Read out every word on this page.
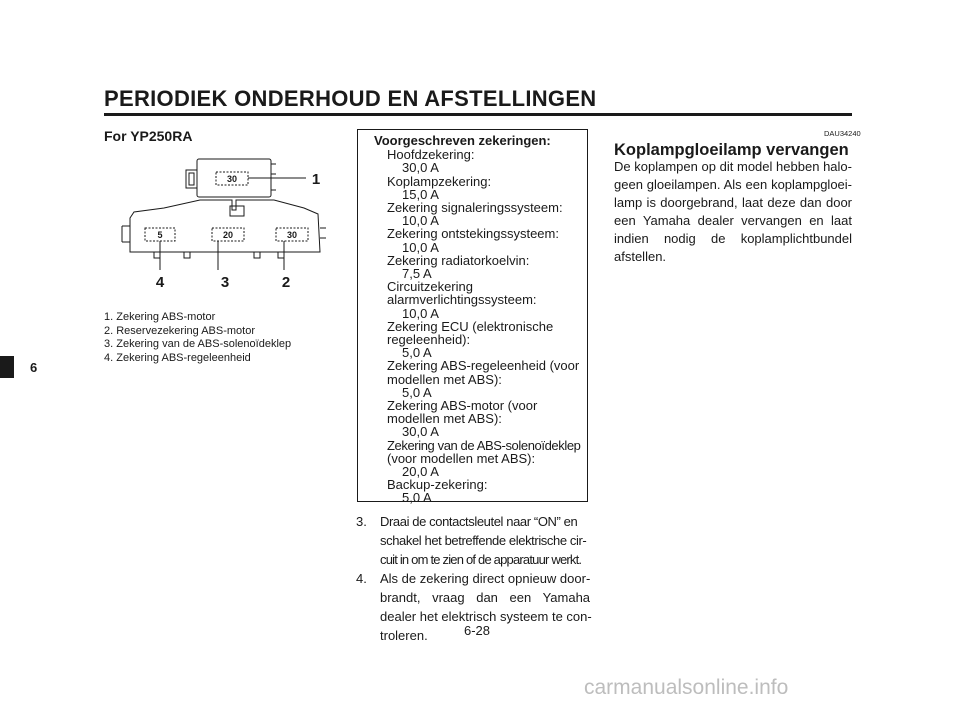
PERIODIEK ONDERHOUD EN AFSTELLINGEN
6
For YP250RA
30
5	20	30
1
4	3	2
1. Zekering ABS-motor
2. Reservezekering ABS-motor
3. Zekering van de ABS-solenoïdeklep
4. Zekering ABS-regeleenheid
Voorgeschreven zekeringen:
Hoofdzekering:
30,0 A
Koplampzekering:
15,0 A
Zekering signaleringssysteem:
10,0 A
Zekering ontstekingssysteem:
10,0 A
Zekering radiatorkoelvin:
7,5 A
Circuitzekering
alarmverlichtingssysteem:
10,0 A
Zekering ECU (elektronische
regeleenheid):
5,0 A
Zekering ABS-regeleenheid (voor
modellen met ABS):
5,0 A
Zekering ABS-motor (voor
modellen met ABS):
30,0 A
Zekering van de ABS-solenoïdeklep
(voor modellen met ABS):
20,0 A
Backup-zekering:
5,0 A
3.	Draai de contactsleutel naar “ON” en
schakel het betreffende elektrische cir-
cuit in om te zien of de apparatuur werkt.
4.	Als de zekering direct opnieuw door-
brandt, vraag dan een Yamaha
dealer het elektrisch systeem te con-
troleren.	6-28
DAU34240
Koplampgloeilamp vervangen
De koplampen op dit model hebben halo-geen gloeilampen. Als een koplampgloei-lamp is doorgebrand, laat deze dan door een Yamaha dealer vervangen en laat indien nodig de koplamplichtbundel afstellen.
carmanualsonline.info
